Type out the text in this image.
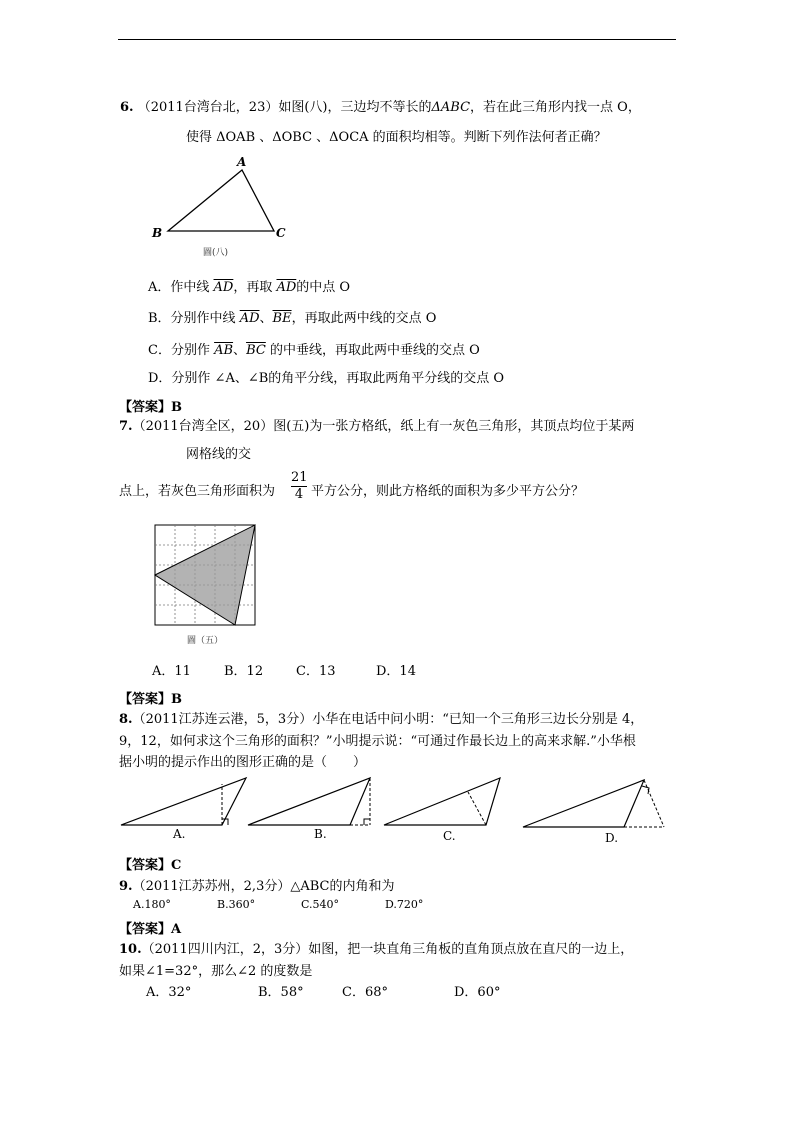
6. （2011台湾台北，23）如图(八)，三边均不等长的ΔABC，若在此三角形内找一点 O，
使得 ΔOAB 、ΔOBC 、ΔOCA 的面积均相等。判断下列作法何者正确？
A
B	C
圖(八)
A．作中线 $\overline{AD}$，再取 $\overline{AD}$的中点 O
B．分别作中线 $\overline{AD}$、$\overline{BE}$，再取此两中线的交点 O
C．分别作 $\overline{AB}$、$\overline{BC}$ 的中垂线，再取此两中垂线的交点 O
D．分别作 ∠A、∠B的角平分线，再取此两角平分线的交点 O
【答案】B
7.（2011台湾全区，20）图(五)为一张方格纸，纸上有一灰色三角形，其顶点均位于某两
网格线的交
点上，若灰色三角形面积为 $\frac{21}{4}$ 平方公分，则此方格纸的面积为多少平方公分？
圖（五）
A．11	B．12	C．13	D．14
【答案】B
8.（2011江苏连云港，5，3分）小华在电话中问小明：“已知一个三角形三边长分别是 4，
9，12，如何求这个三角形的面积？”小明提示说：“可通过作最长边上的高来求解.”小华根
据小明的提示作出的图形正确的是（　　）
A.	B.	C.	D.
【答案】C
9.（2011江苏苏州，2,3分）△ABC的内角和为
A.180°	B.360°	C.540°	D.720°
【答案】A
10.（2011四川内江，2，3分）如图，把一块直角三角板的直角顶点放在直尺的一边上，
如果∠1=32°，那么∠2 的度数是
A．32°	B．58°	C．68°	D．60°
